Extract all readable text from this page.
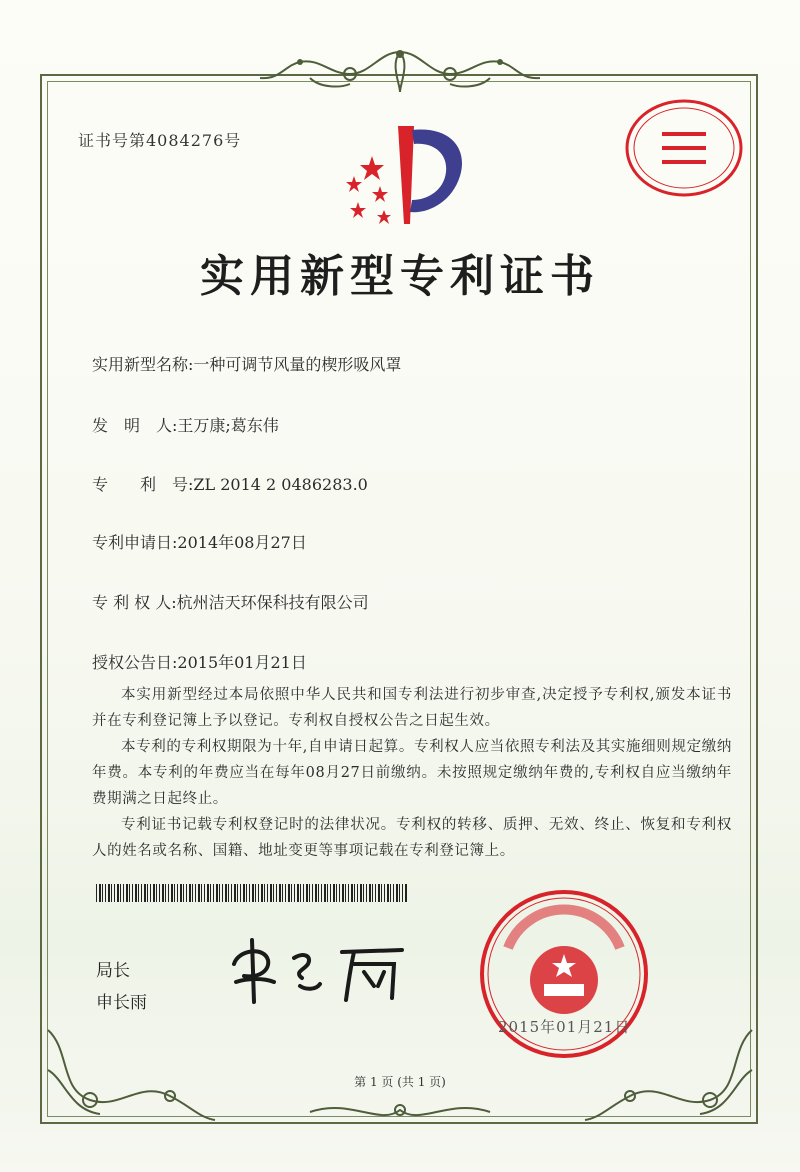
证书号第4084276号
实用新型专利证书
实用新型名称:一种可调节风量的楔形吸风罩
发　明　人:王万康;葛东伟
专　　利　号:ZL 2014 2 0486283.0
专利申请日:2014年08月27日
专 利 权 人:杭州洁天环保科技有限公司
授权公告日:2015年01月21日
本实用新型经过本局依照中华人民共和国专利法进行初步审查,决定授予专利权,颁发本证书并在专利登记簿上予以登记。专利权自授权公告之日起生效。
本专利的专利权期限为十年,自申请日起算。专利权人应当依照专利法及其实施细则规定缴纳年费。本专利的年费应当在每年08月27日前缴纳。未按照规定缴纳年费的,专利权自应当缴纳年费期满之日起终止。
专利证书记载专利权登记时的法律状况。专利权的转移、质押、无效、终止、恢复和专利权人的姓名或名称、国籍、地址变更等事项记载在专利登记簿上。
局长
申长雨
2015年01月21日
第 1 页 (共 1 页)
